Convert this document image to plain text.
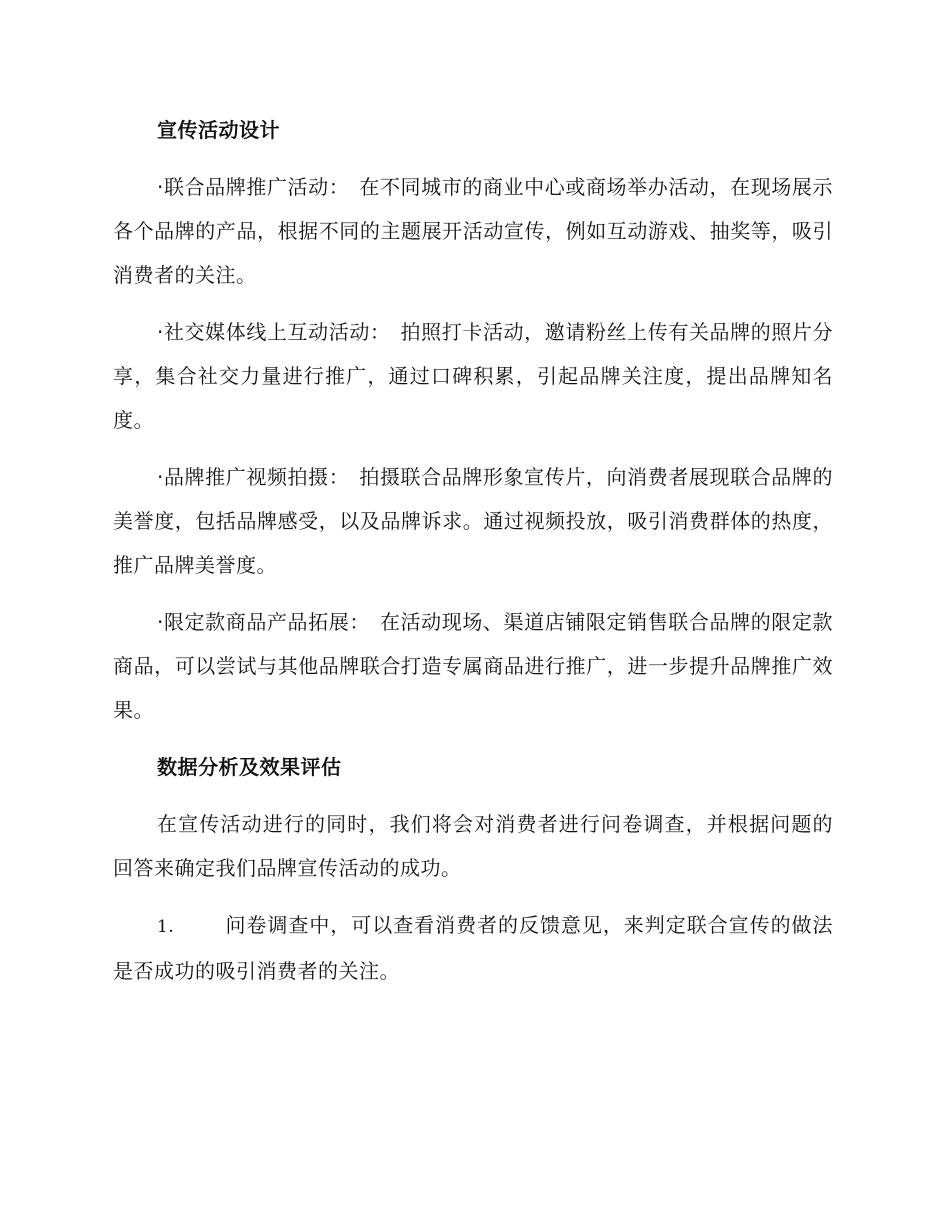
宣传活动设计

·联合品牌推广活动： 在不同城市的商业中心或商场举办活动，在现场展示各个品牌的产品，根据不同的主题展开活动宣传，例如互动游戏、抽奖等，吸引消费者的关注。

·社交媒体线上互动活动： 拍照打卡活动，邀请粉丝上传有关品牌的照片分享，集合社交力量进行推广，通过口碑积累，引起品牌关注度，提出品牌知名度。

·品牌推广视频拍摄： 拍摄联合品牌形象宣传片，向消费者展现联合品牌的美誉度，包括品牌感受，以及品牌诉求。通过视频投放，吸引消费群体的热度，推广品牌美誉度。

·限定款商品产品拓展： 在活动现场、渠道店铺限定销售联合品牌的限定款商品，可以尝试与其他品牌联合打造专属商品进行推广，进一步提升品牌推广效果。

数据分析及效果评估

在宣传活动进行的同时，我们将会对消费者进行问卷调查，并根据问题的回答来确定我们品牌宣传活动的成功。

1.	问卷调查中，可以查看消费者的反馈意见，来判定联合宣传的做法是否成功的吸引消费者的关注。
